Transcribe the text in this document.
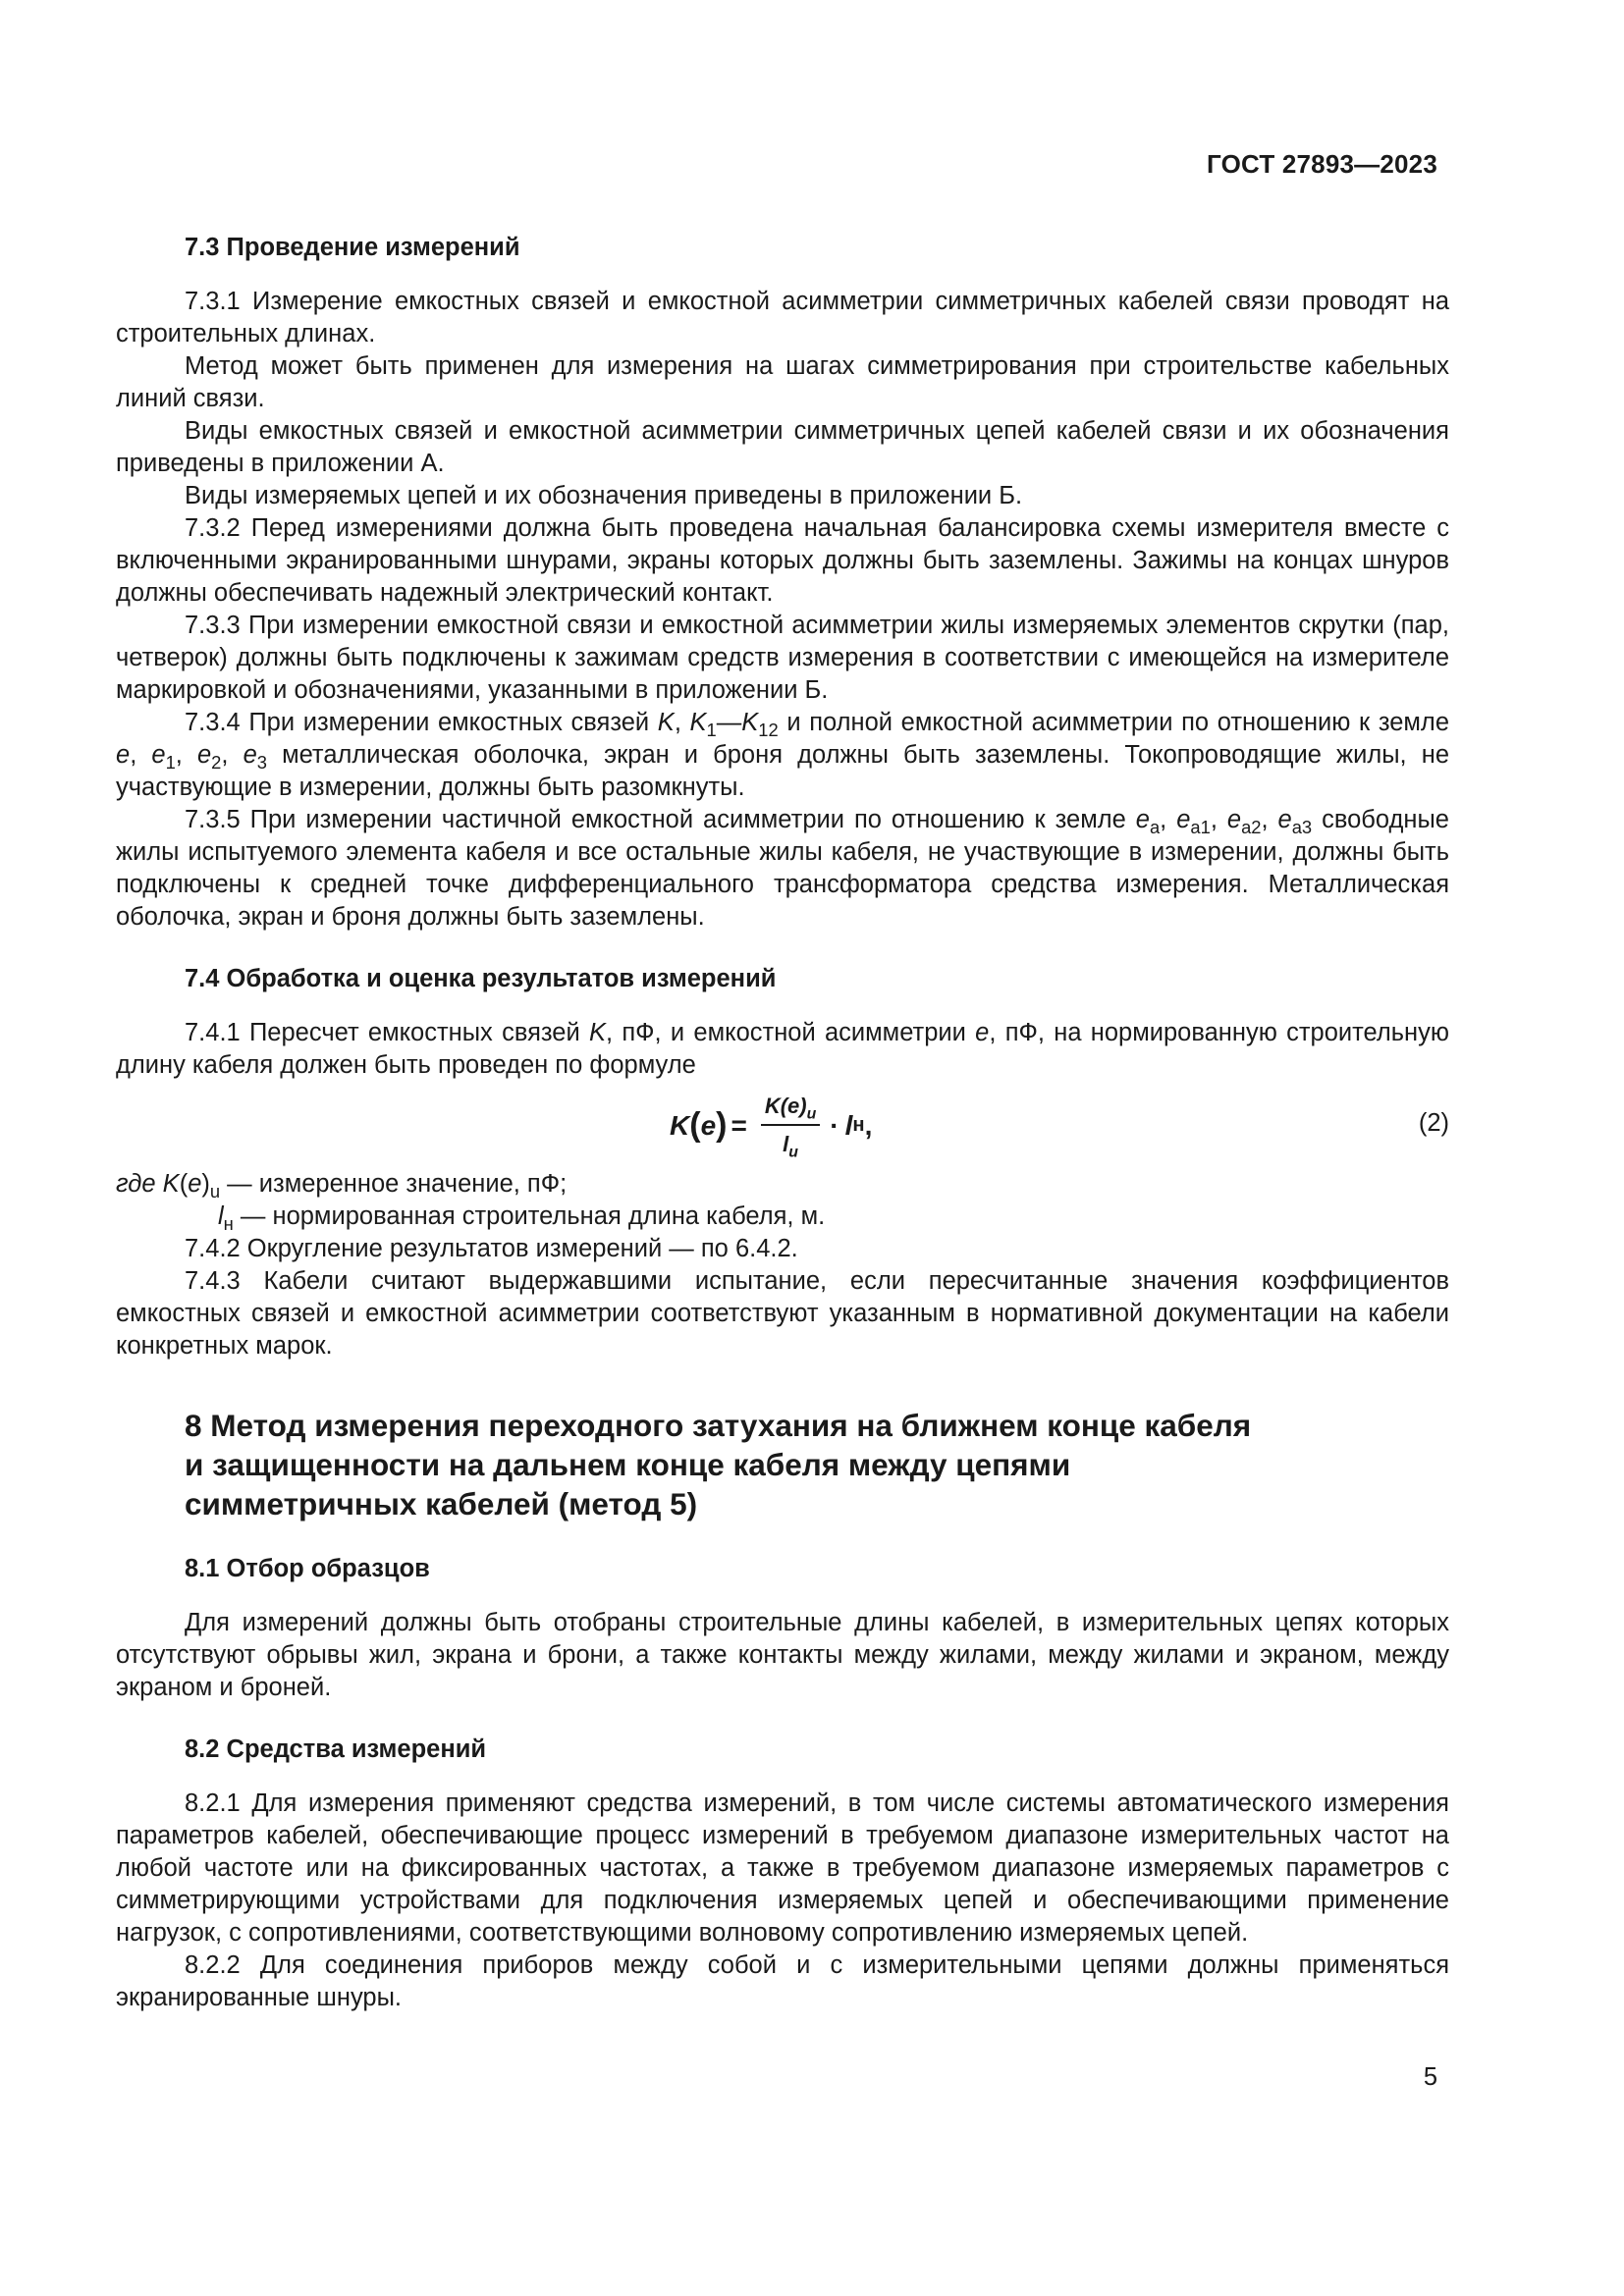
ГОСТ 27893—2023

7.3 Проведение измерений

7.3.1 Измерение емкостных связей и емкостной асимметрии симметричных кабелей связи проводят на строительных длинах.

Метод может быть применен для измерения на шагах симметрирования при строительстве кабельных линий связи.

Виды емкостных связей и емкостной асимметрии симметричных цепей кабелей связи и их обозначения приведены в приложении А.

Виды измеряемых цепей и их обозначения приведены в приложении Б.

7.3.2 Перед измерениями должна быть проведена начальная балансировка схемы измерителя вместе с включенными экранированными шнурами, экраны которых должны быть заземлены. Зажимы на концах шнуров должны обеспечивать надежный электрический контакт.

7.3.3 При измерении емкостной связи и емкостной асимметрии жилы измеряемых элементов скрутки (пар, четверок) должны быть подключены к зажимам средств измерения в соответствии с имеющейся на измерителе маркировкой и обозначениями, указанными в приложении Б.

7.3.4 При измерении емкостных связей K, $K_1—K_{12}$ и полной емкостной асимметрии по отношению к земле e, $e_1$, $e_2$, $e_3$ металлическая оболочка, экран и броня должны быть заземлены. Токопроводящие жилы, не участвующие в измерении, должны быть разомкнуты.

7.3.5 При измерении частичной емкостной асимметрии по отношению к земле $e_a$, $e_{a1}$, $e_{a2}$, $e_{a3}$ свободные жилы испытуемого элемента кабеля и все остальные жилы кабеля, не участвующие в измерении, должны быть подключены к средней точке дифференциального трансформатора средства измерения. Металлическая оболочка, экран и броня должны быть заземлены.

7.4 Обработка и оценка результатов измерений

7.4.1 Пересчет емкостных связей K, пФ, и емкостной асимметрии e, пФ, на нормированную строительную длину кабеля должен быть проведен по формуле

K ( e ) = $\frac{K(e)_u}{l_u} \cdot l$ н ,	(2)

где $K(e)_u$ — измеренное значение, пФ;

$l_н$ — нормированная строительная длина кабеля, м.

7.4.2 Округление результатов измерений — по 6.4.2.

7.4.3 Кабели считают выдержавшими испытание, если пересчитанные значения коэффициентов емкостных связей и емкостной асимметрии соответствуют указанным в нормативной документации на кабели конкретных марок.

8 Метод измерения переходного затухания на ближнем конце кабеля
и защищенности на дальнем конце кабеля между цепями
симметричных кабелей (метод 5)

8.1 Отбор образцов

Для измерений должны быть отобраны строительные длины кабелей, в измерительных цепях которых отсутствуют обрывы жил, экрана и брони, а также контакты между жилами, между жилами и экраном, между экраном и броней.

8.2 Средства измерений

8.2.1 Для измерения применяют средства измерений, в том числе системы автоматического измерения параметров кабелей, обеспечивающие процесс измерений в требуемом диапазоне измерительных частот на любой частоте или на фиксированных частотах, а также в требуемом диапазоне измеряемых параметров с симметрирующими устройствами для подключения измеряемых цепей и обеспечивающими применение нагрузок, с сопротивлениями, соответствующими волновому сопротивлению измеряемых цепей.

8.2.2 Для соединения приборов между собой и с измерительными цепями должны применяться экранированные шнуры.

5
